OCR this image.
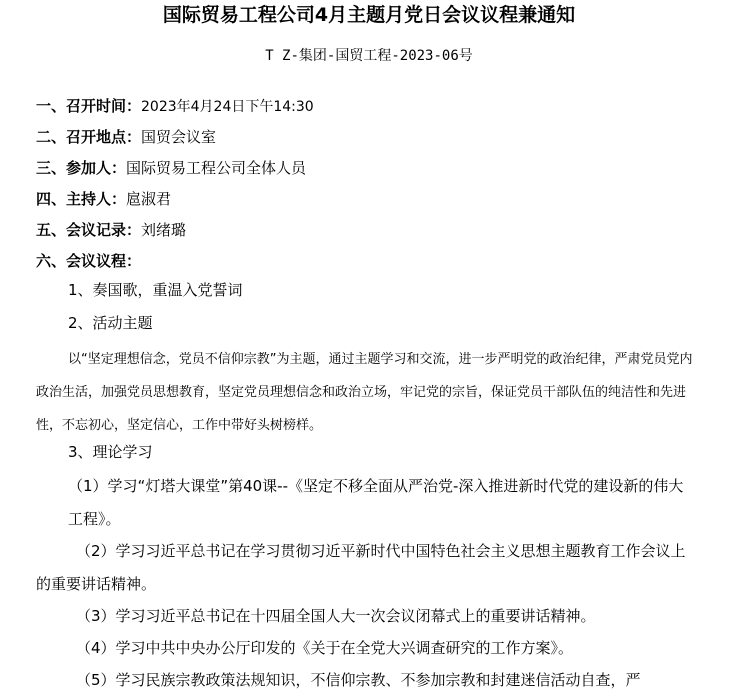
国际贸易工程公司4月主题月党日会议议程兼通知
T Z-集团-国贸工程-2023-06号
一、召开时间：2023年4月24日下午14:30
二、召开地点：国贸会议室
三、参加人：国际贸易工程公司全体人员
四、主持人：扈淑君
五、会议记录：刘绪璐
六、会议议程：
1、奏国歌，重温入党誓词
2、活动主题
以“坚定理想信念，党员不信仰宗教”为主题，通过主题学习和交流，进一步严明党的政治纪律，严肃党员党内政治生活，加强党员思想教育，坚定党员理想信念和政治立场，牢记党的宗旨，保证党员干部队伍的纯洁性和先进性，不忘初心，坚定信心，工作中带好头树榜样。
3、理论学习
（1）学习“灯塔大课堂”第40课--《坚定不移全面从严治党-深入推进新时代党的建设新的伟大工程》。
（2）学习习近平总书记在学习贯彻习近平新时代中国特色社会主义思想主题教育工作会议上的重要讲话精神。
（3）学习习近平总书记在十四届全国人大一次会议闭幕式上的重要讲话精神。
（4）学习中共中央办公厅印发的《关于在全党大兴调查研究的工作方案》。
（5）学习民族宗教政策法规知识，不信仰宗教、不参加宗教和封建迷信活动自查，严
